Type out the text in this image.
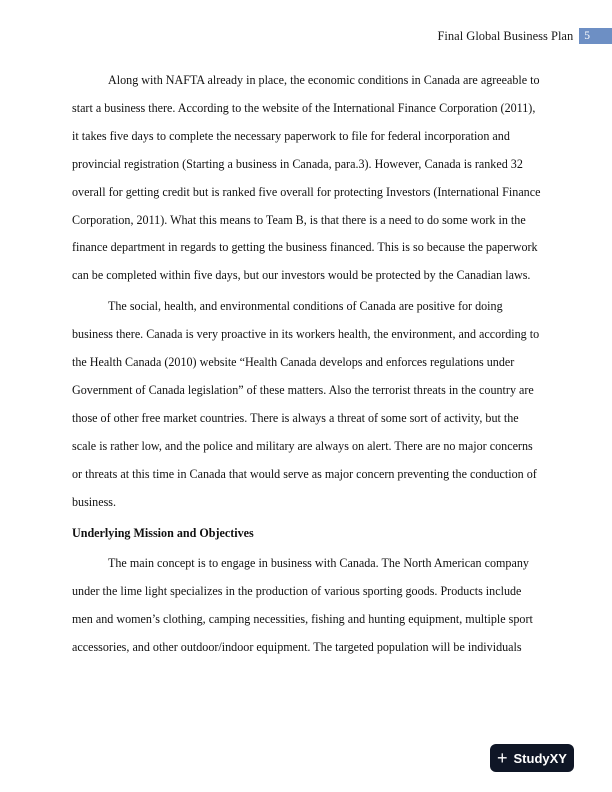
Final Global Business Plan 5

Along with NAFTA already in place, the economic conditions in Canada are agreeable to start a business there. According to the website of the International Finance Corporation (2011), it takes five days to complete the necessary paperwork to file for federal incorporation and provincial registration (Starting a business in Canada, para.3). However, Canada is ranked 32 overall for getting credit but is ranked five overall for protecting Investors (International Finance Corporation, 2011). What this means to Team B, is that there is a need to do some work in the finance department in regards to getting the business financed. This is so because the paperwork can be completed within five days, but our investors would be protected by the Canadian laws.

The social, health, and environmental conditions of Canada are positive for doing business there. Canada is very proactive in its workers health, the environment, and according to the Health Canada (2010) website “Health Canada develops and enforces regulations under Government of Canada legislation” of these matters. Also the terrorist threats in the country are those of other free market countries. There is always a threat of some sort of activity, but the scale is rather low, and the police and military are always on alert. There are no major concerns or threats at this time in Canada that would serve as major concern preventing the conduction of business.

Underlying Mission and Objectives

The main concept is to engage in business with Canada. The North American company under the lime light specializes in the production of various sporting goods. Products include men and women’s clothing, camping necessities, fishing and hunting equipment, multiple sport accessories, and other outdoor/indoor equipment. The targeted population will be individuals

+ StudyXY
